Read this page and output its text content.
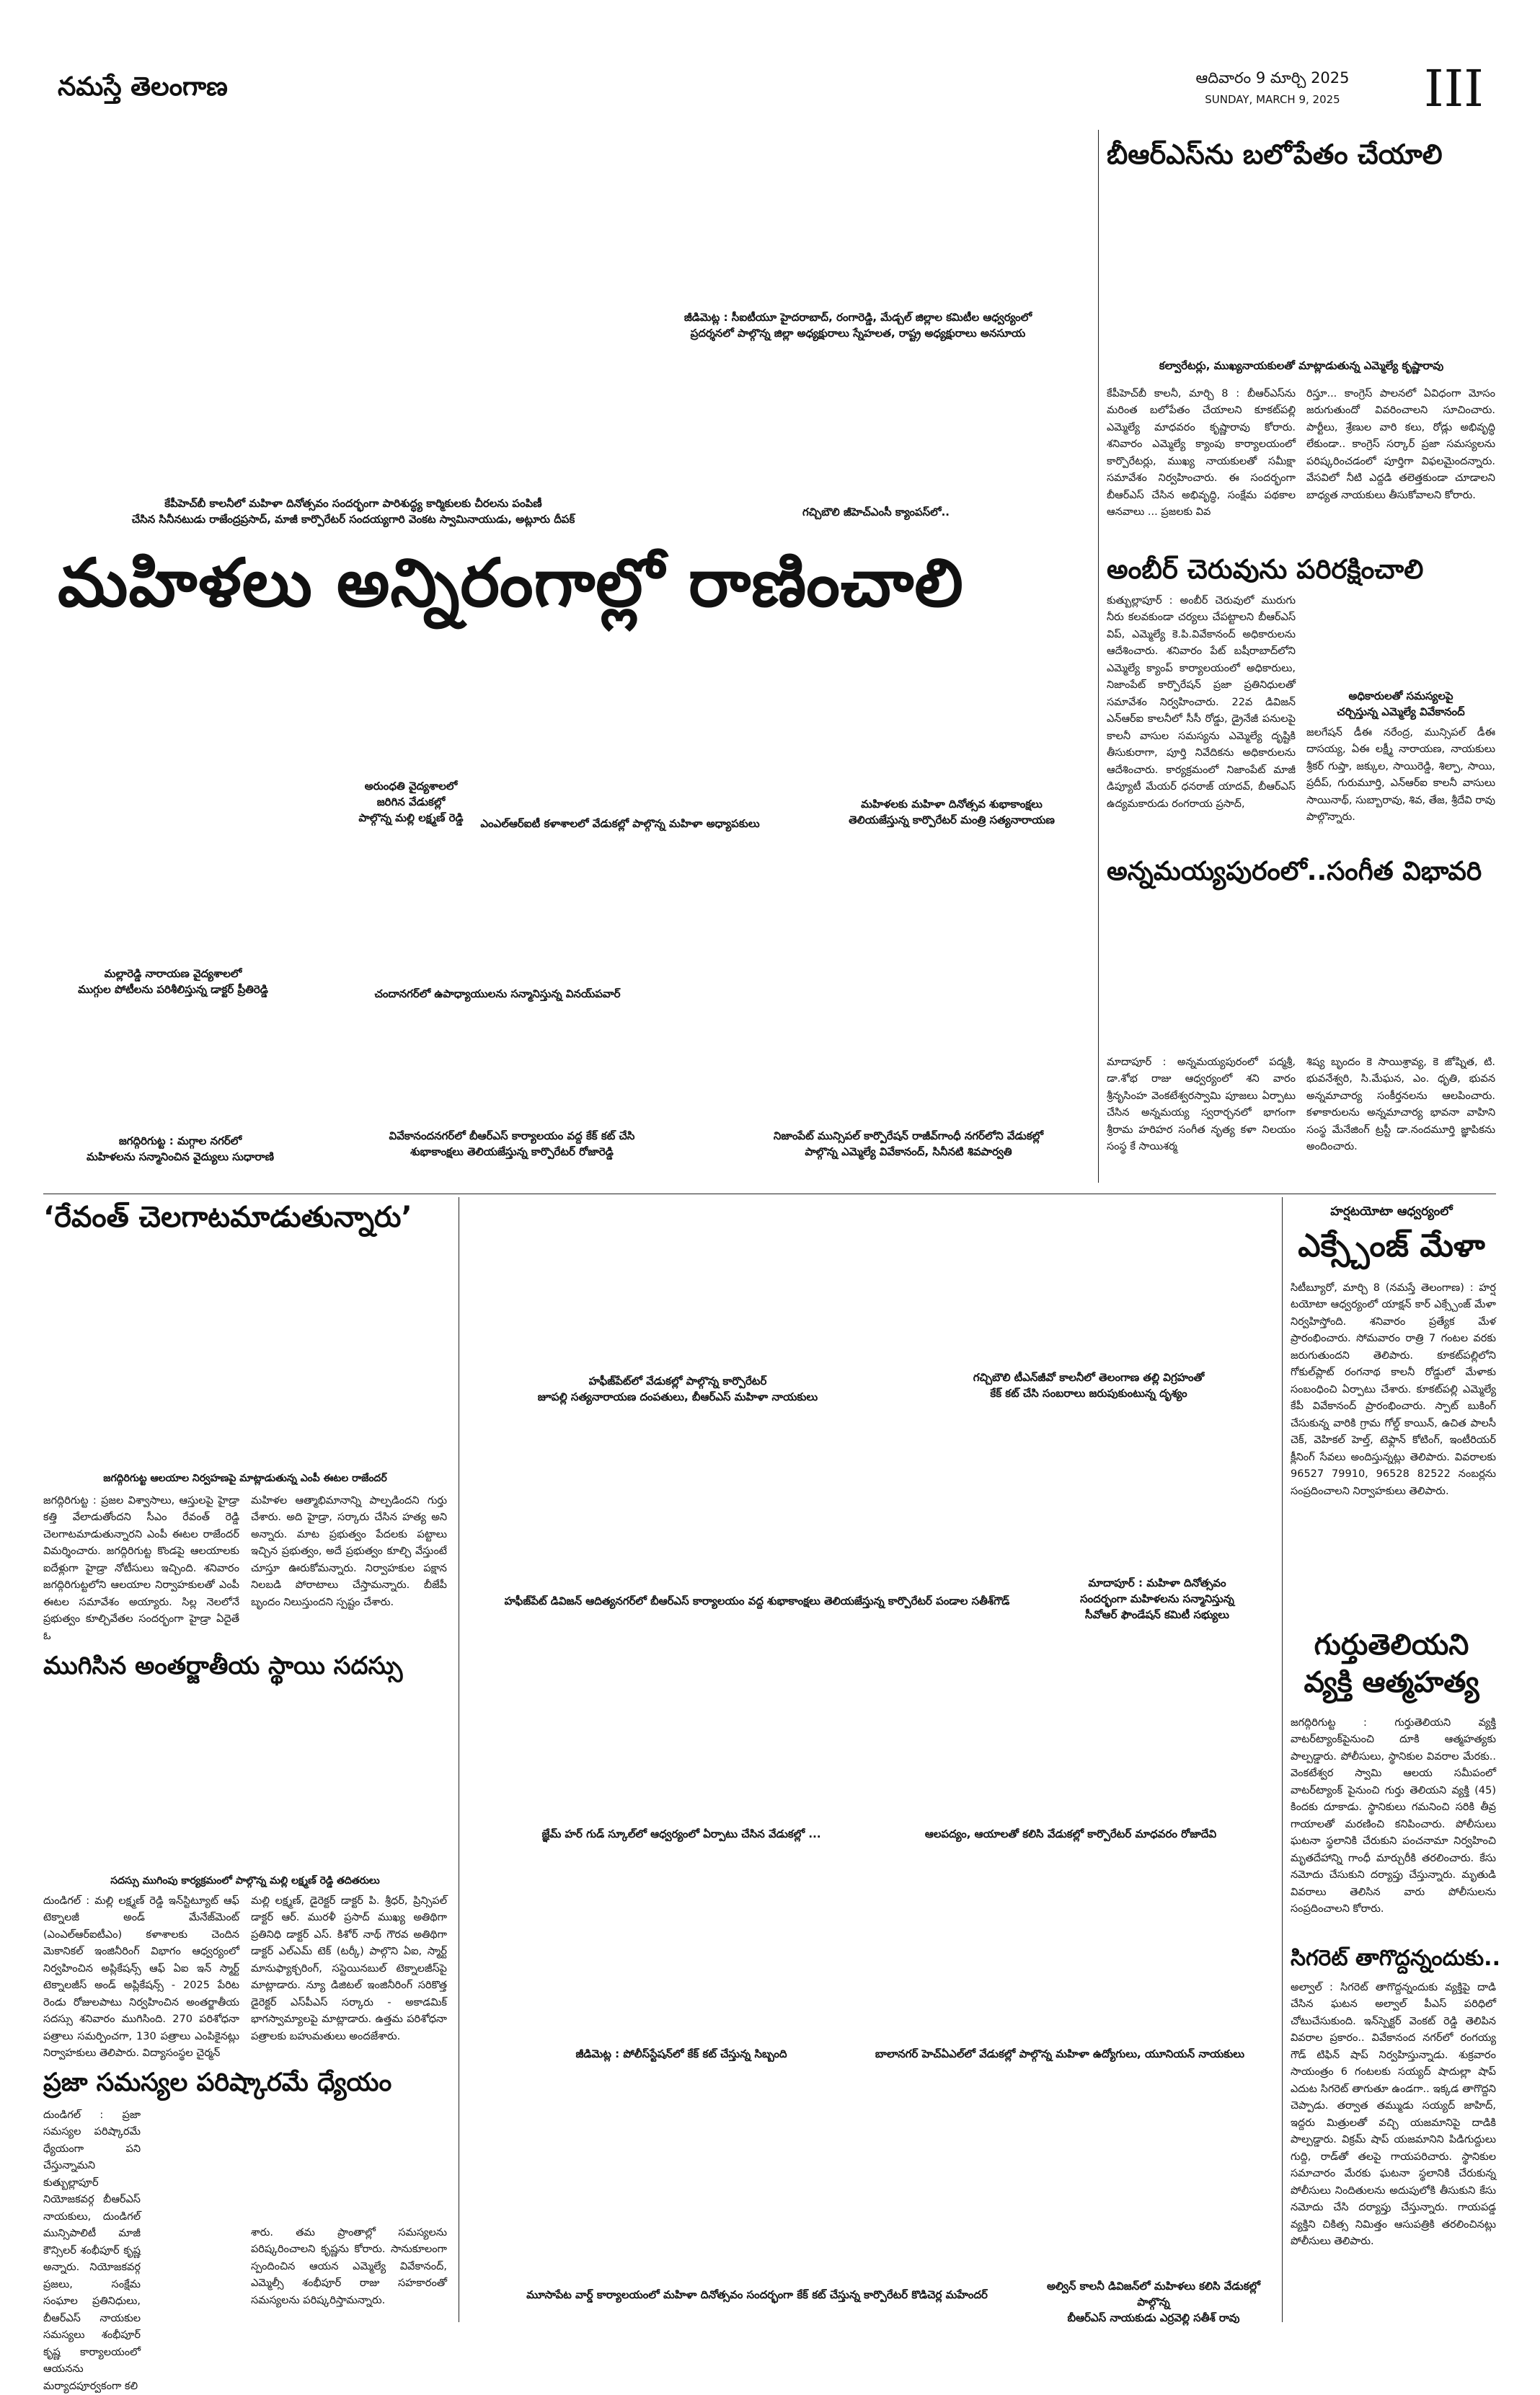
నమస్తే తెలంగాణ	ఆదివారం 9 మార్చి 2025
SUNDAY, MARCH 9, 2025	III
బీఆర్‌ఎస్‌ను బలోపేతం చేయాలి
కల్వారేటర్లు, ముఖ్యనాయకులతో మాట్లాడుతున్న ఎమ్మెల్యే కృష్ణారావు
కేపీహెచ్‌బీ కాలనీ, మార్చి 8 : బీఆర్‌ఎస్‌ను మరింత బలోపేతం చేయాలని కూకట్‌పల్లి ఎమ్మెల్యే మాధవరం కృష్ణారావు కోరారు. శనివారం ఎమ్మెల్యే క్యాంపు కార్యాలయంలో కార్పొరేటర్లు, ముఖ్య నాయకులతో సమీక్షా సమావేశం నిర్వహించారు. ఈ సందర్భంగా బీఆర్‌ఎస్‌ చేసిన అభివృద్ధి, సంక్షేమ పథకాల ఆనవాలు ... ప్రజలకు వివ
రిస్తూ... కాంగ్రెస్‌ పాలనలో ఏవిధంగా మోసం జరుగుతుందో వివరించాలని సూచించారు. పార్టీలు, శ్రేణుల వారి కలు, రోడ్లు అభివృద్ధి లేకుండా.. కాంగ్రెస్‌ సర్కార్‌ ప్రజా సమస్యలను పరిష్కరించడంలో పూర్తిగా విఫలమైందన్నారు. వేసవిలో నీటి ఎద్దడి తలెత్తకుండా చూడాలని బాధ్యత నాయకులు తీసుకోవాలని కోరారు.
అంబీర్‌ చెరువును పరిరక్షించాలి
కుత్బుల్లాపూర్‌ : అంబీర్‌ చెరువులో మురుగు నీరు కలవకుండా చర్యలు చేపట్టాలని బీఆర్‌ఎస్‌ విప్‌, ఎమ్మెల్యే కె.పి.వివేకానంద్‌ అధికారులను ఆదేశించారు. శనివారం పేట్‌ బషీరాబాద్‌లోని ఎమ్మెల్యే క్యాంప్‌ కార్యాలయంలో అధికారులు, నిజాంపేట్‌ కార్పొరేషన్‌ ప్రజా ప్రతినిధులతో సమావేశం నిర్వహించారు. 22వ డివిజన్‌ ఎన్‌ఆర్‌ఐ కాలనీలో సీసీ రోడ్డు, డ్రైనేజీ పనులపై కాలనీ వాసుల సమస్యను ఎమ్మెల్యే దృష్టికి తీసుకురాగా, పూర్తి నివేదికను అధికారులను ఆదేశించారు. కార్యక్రమంలో నిజాంపేట్‌ మాజీ డిప్యూటీ మేయర్‌ ధనరాజ్‌ యాదవ్‌, బీఆర్‌ఎస్‌ ఉద్యమకారుడు రంగరాయ ప్రసాద్‌,
అధికారులతో సమస్యలపై
చర్చిస్తున్న ఎమ్మెల్యే వివేకానంద్‌
జలగేషన్‌ డీఈ నరేంద్ర, మున్సిపల్‌ డీఈ దాసయ్య, ఏఈ లక్ష్మీ నారాయణ, నాయకులు శ్రీకర్‌ గుప్తా, జక్కుల, సాయిరెడ్డి, శిల్పా, సాయి, ప్రదీప్‌, గురుమూర్తి, ఎన్‌ఆర్‌ఐ కాలనీ వాసులు సాయినాథ్‌, సుబ్బారావు, శివ, తేజ, శ్రీదేవి రావు పాల్గొన్నారు.
అన్నమయ్యపురంలో..సంగీత విభావరి
మాదాపూర్‌ : అన్నమయ్యపురంలో పద్మశ్రీ, డా.శోభ రాజు ఆధ్వర్యంలో శని వారం శ్రీనృసింహ వెంకటేశ్వరస్వామి పూజలు ఏర్పాటు చేసిన అన్నమయ్య స్వరార్చనలో భాగంగా శ్రీరామ హరిహర సంగీత నృత్య కళా నిలయం సంస్థ కే సాయిశర్మ
శిష్య బృందం కె సాయిశ్రావ్య, కె జోష్నిత, టి. భువనేశ్వరి, సి.మేఘన, ఎం. ధృతి, భువన అన్నమాచార్య సంకీర్తనలను ఆలపించారు. కళాకారులను అన్నమాచార్య భావనా వాహిని సంస్థ మేనేజింగ్‌ ట్రస్టీ డా.నందమూర్తి జ్ఞాపికను అందించారు.
హర్షటయోటా ఆధ్వర్యంలో
ఎక్స్చేంజ్‌ మేళా
సిటీబ్యూరో, మార్చి 8 (నమస్తే తెలంగాణ) : హర్ష టయోటా ఆధ్వర్యంలో యాక్షన్‌ కార్‌ ఎక్స్చేంజ్‌ మేళా నిర్వహిస్తోంది. శనివారం ప్రత్యేక మేళ ప్రారంభించారు. సోమవారం రాత్రి 7 గంటల వరకు జరుగుతుందని తెలిపారు. కూకట్‌పల్లిలోని గోకుల్‌ప్లాట్‌ రంగనాథ కాలనీ రోడ్డులో మేళాకు సంబంధించి ఏర్పాటు చేశారు. కూకట్‌పల్లి ఎమ్మెల్యే కేపీ వివేకానంద్‌ ప్రారంభించారు. స్పాట్‌ బుకింగ్‌ చేసుకున్న వారికి గ్రామ గోల్డ్‌ కాయిన్‌, ఉచిత పాలసీ చెక్‌, వెహికల్‌ హెల్త్‌, టెఫ్లాన్‌ కోటింగ్‌, ఇంటీరియర్‌ క్లీనింగ్‌ సేవలు అందిస్తున్నట్లు తెలిపారు. వివరాలకు 96527 79910, 96528 82522 నంబర్లను సంప్రదించాలని నిర్వాహకులు తెలిపారు.
గుర్తుతెలియని
వ్యక్తి ఆత్మహత్య
జగద్గిరిగుట్ట : గుర్తుతెలియని వ్యక్తి వాటర్‌ట్యాంక్‌పైనుంచి దూకి ఆత్మహత్యకు పాల్పడ్డారు. పోలీసులు, స్థానికుల వివరాల మేరకు.. వెంకటేశ్వర స్వామి ఆలయ సమీపంలో వాటర్‌ట్యాంక్‌ పైనుంచి గుర్తు తెలియని వ్యక్తి (45) కిందకు దూకాడు. స్థానికులు గమనించి సరికి తీవ్ర గాయాలతో మరణించి కనిపించారు. పోలీసులు ఘటనా స్థలానికి చేరుకుని పంచనామా నిర్వహించి మృతదేహాన్ని గాంధీ మార్చురీకి తరలించారు. కేసు నమోదు చేసుకుని దర్యాప్తు చేస్తున్నారు. మృతుడి వివరాలు తెలిసిన వారు పోలీసులను సంప్రదించాలని కోరారు.
సిగరెట్‌ తాగొద్దన్నందుకు..
అల్వాల్‌ : సిగరెట్‌ తాగొద్దన్నందుకు వ్యక్తిపై దాడి చేసిన ఘటన అల్వాల్‌ పీఎస్‌ పరిధిలో చోటుచేసుకుంది. ఇన్‌స్పెక్టర్‌ వెంకట్‌ రెడ్డి తెలిపిన వివరాల ప్రకారం.. వివేకానంద నగర్‌లో రంగయ్య గౌడ్‌ టిఫిన్‌ షాప్‌ నిర్వహిస్తున్నాడు. శుక్రవారం సాయంత్రం 6 గంటలకు సయ్యద్‌ షాదుల్లా షాప్‌ ఎదుట సిగరెట్‌ తాగుతూ ఉండగా.. ఇక్కడ తాగొద్దని చెప్పాడు. తర్వాత తమ్ముడు సయ్యద్‌ జాహిద్‌, ఇద్దరు మిత్రులతో వచ్చి యజమానిపై దాడికి పాల్పడ్డారు. విక్రమ్‌ షాప్‌ యజమానిని పిడిగుద్దులు గుద్ది, రాడ్‌తో తలపై గాయపరిచారు. స్థానికుల సమాచారం మేరకు ఘటనా స్థలానికి చేరుకున్న పోలీసులు నిందితులను అదుపులోకి తీసుకుని కేసు నమోదు చేసి దర్యాప్తు చేస్తున్నారు. గాయపడ్డ వ్యక్తిని చికిత్స నిమిత్తం ఆసుపత్రికి తరలించినట్లు పోలీసులు తెలిపారు.
జీడిమెట్ల : సీఐటీయూ హైదరాబాద్‌, రంగారెడ్డి, మేడ్చల్‌ జిల్లాల కమిటీల ఆధ్వర్యంలో
ప్రదర్శనలో పాల్గొన్న జిల్లా అధ్యక్షురాలు స్నేహలత, రాష్ట్ర అధ్యక్షురాలు అనసూయ
కేపీహెచ్‌బీ కాలనీలో మహిళా దినోత్సవం సందర్భంగా పారిశుద్ధ్య కార్మికులకు చీరలను పంపిణీ
చేసిన సినీనటుడు రాజేంద్రప్రసాద్‌, మాజీ కార్పొరేటర్‌ సందయ్యగారి వెంకట స్వామినాయుడు, అట్లూరు దీపక్‌
గచ్చిబౌలి జీహెచ్‌ఎంసీ క్యాంపస్‌లో..
మహిళలు అన్నిరంగాల్లో రాణించాలి
అరుంధతి వైద్యశాలలో
జరిగిన వేడుకల్లో
పాల్గొన్న మల్లి లక్ష్మణ్‌ రెడ్డి	ఎంఎల్‌ఆర్‌ఐటీ కళాశాలలో వేడుకల్లో పాల్గొన్న మహిళా అధ్యాపకులు
మహిళలకు మహిళా దినోత్సవ శుభాకాంక్షలు
తెలియజేస్తున్న కార్పొరేటర్‌ మంత్రి సత్యనారాయణ
మల్లారెడ్డి నారాయణ వైద్యశాలలో
ముగ్గుల పోటీలను పరిశీలిస్తున్న డాక్టర్‌ ప్రీతిరెడ్డి	చందానగర్‌లో ఉపాధ్యాయులను సన్మానిస్తున్న వినయ్‌పవార్‌
జగద్గిరిగుట్ట : మగ్గాల నగర్‌లో
మహిళలను సన్మానించిన వైద్యులు సుధారాణి
వివేకానందనగర్‌లో బీఆర్‌ఎస్‌ కార్యాలయం వద్ద కేక్‌ కట్‌ చేసి
శుభాకాంక్షలు తెలియజేస్తున్న కార్పొరేటర్‌ రోజారెడ్డి
నిజాంపేట్‌ మున్సిపల్‌ కార్పొరేషన్‌ రాజీవ్‌గాంధీ నగర్‌లోని వేడుకల్లో
పాల్గొన్న ఎమ్మెల్యే వివేకానంద్‌, సినీనటి శివపార్వతి
‘రేవంత్‌ చెలగాటమాడుతున్నారు’
జగద్గిరిగుట్ట ఆలయాల నిర్వహణపై మాట్లాడుతున్న ఎంపీ ఈటల రాజేందర్‌
జగద్గిరిగుట్ట : ప్రజల విశ్వాసాలు, ఆస్తులపై హైడ్రా కత్తి వేలాడుతోందని సీఎం రేవంత్‌ రెడ్డి చెలగాటమాడుతున్నారని ఎంపీ ఈటల రాజేందర్‌ విమర్శించారు. జగద్గిరిగుట్ట కొండపై ఆలయాలకు ఐదేళ్లుగా హైడ్రా నోటీసులు ఇచ్చింది. శనివారం జగద్గిరిగుట్టలోని ఆలయాల నిర్వాహకులతో ఎంపీ ఈటల సమావేశం అయ్యారు. సిల్ల నెలలోనే ప్రభుత్వం కూల్చివేతల సందర్భంగా హైడ్రా ఏదైతే ఓ
మహిళల ఆత్మాభిమానాన్ని పాల్పడిందని గుర్తు చేశారు. అది హైడ్రా, సర్కారు చేసిన హత్య అని అన్నారు. మాట ప్రభుత్వం పేదలకు పట్టాలు ఇచ్చిన ప్రభుత్వం, అదే ప్రభుత్వం కూల్చి వేస్తుంటే చూస్తూ ఊరుకోమన్నారు. నిర్వాహకుల పక్షాన నిలబడి పోరాటాలు చేస్తామన్నారు. బీజేపీ బృందం నిలుస్తుందని స్పష్టం చేశారు.
ముగిసిన అంతర్జాతీయ స్థాయి సదస్సు
సదస్సు ముగింపు కార్యక్రమంలో పాల్గొన్న మల్లి లక్ష్మణ్‌ రెడ్డి తదితరులు
దుండిగల్‌ : మల్లి లక్ష్మణ్‌ రెడ్డి ఇన్‌స్టిట్యూట్‌ ఆఫ్‌ టెక్నాలజీ అండ్‌ మేనేజ్‌మెంట్‌ (ఎంఎల్‌ఆర్‌ఐటీఎం) కళాశాలకు చెందిన మెకానికల్‌ ఇంజినీరింగ్‌ విభాగం ఆధ్వర్యంలో నిర్వహించిన అప్లికేషన్స్‌ ఆఫ్‌ ఏఐ ఇన్‌ స్మార్ట్‌ టెక్నాలజీస్‌ అండ్‌ అప్లికేషన్స్‌ - 2025 పేరిట రెండు రోజులపాటు నిర్వహించిన అంతర్జాతీయ సదస్సు శనివారం ముగిసింది. 270 పరిశోధనా పత్రాలు సమర్పించగా, 130 పత్రాలు ఎంపికైనట్లు నిర్వాహకులు తెలిపారు. విద్యాసంస్థల చైర్మన్‌
మల్లి లక్ష్మణ్‌, డైరెక్టర్‌ డాక్టర్‌ పి. శ్రీధర్‌, ప్రిన్సిపల్‌ డాక్టర్‌ ఆర్‌. మురళీ ప్రసాద్‌ ముఖ్య అతిథిగా ప్రతినిధి డాక్టర్‌ ఎస్‌. కిశోర్‌ నాథ్‌ గౌరవ అతిథిగా డాక్టర్‌ ఎల్‌ఎమ్‌ టెక్‌ (టర్కీ) పాల్గొని ఏఐ, స్మార్ట్‌ మానుఫ్యాక్చరింగ్‌, సస్టెయినబుల్‌ టెక్నాలజీస్‌పై మాట్లాడారు. న్యూ డిజిటల్‌ ఇంజినీరింగ్‌ సరికొత్త డైరెక్టర్‌ ఎస్‌పీఎస్‌ సర్కారు - అకాడమిక్‌ భాగస్వామ్యాలపై మాట్లాడారు. ఉత్తమ పరిశోధనా పత్రాలకు బహుమతులు అందజేశారు.
ప్రజా సమస్యల పరిష్కారమే ధ్యేయం
దుండిగల్‌ : ప్రజా సమస్యల పరిష్కారమే ధ్యేయంగా పని చేస్తున్నామని కుత్బుల్లాపూర్‌ నియోజకవర్గ బీఆర్‌ఎస్‌ నాయకులు, దుండిగల్‌ మున్సిపాలిటీ మాజీ కౌన్సిలర్‌ శంభీపూర్‌ కృష్ణ అన్నారు. నియోజకవర్గ ప్రజలు, సంక్షేమ సంఘాల ప్రతినిధులు, బీఆర్‌ఎస్‌ నాయకుల సమస్యలు శంభీపూర్‌ కృష్ణ కార్యాలయంలో ఆయనను మర్యాదపూర్వకంగా కలి
శారు. తమ ప్రాంతాల్లో సమస్యలను పరిష్కరించాలని కృష్ణను కోరారు. సానుకూలంగా స్పందించిన ఆయన ఎమ్మెల్యే వివేకానంద్‌, ఎమ్మెల్సీ శంభీపూర్‌ రాజు సహకారంతో సమస్యలను పరిష్కరిస్తామన్నారు.
హఫీజ్‌పేట్‌లో వేడుకల్లో పాల్గొన్న కార్పొరేటర్‌
జూపల్లి సత్యనారాయణ దంపతులు, బీఆర్‌ఎస్‌ మహిళా నాయకులు
గచ్చిబౌలి టీఎన్‌జీవో కాలనీలో తెలంగాణ తల్లి విగ్రహంతో
కేక్‌ కట్‌ చేసి సంబరాలు జరుపుకుంటున్న దృశ్యం
హఫీజ్‌పేట్‌ డివిజన్‌ ఆదిత్యనగర్‌లో బీఆర్‌ఎస్‌ కార్యాలయం వద్ద శుభాకాంక్షలు తెలియజేస్తున్న కార్పొరేటర్‌ పండాల సతీశ్‌గౌడ్‌
మాదాపూర్‌ : మహిళా దినోత్సవం
సందర్భంగా మహిళలను సన్మానిస్తున్న
సీవోఆర్‌ ఫౌండేషన్‌ కమిటీ సభ్యులు
జ్ఞేమ్‌ హర్‌ గుడ్‌ స్కూల్‌లో ఆధ్వర్యంలో ఏర్పాటు చేసిన వేడుకల్లో ...	ఆలపద్యం, ఆయాలతో కలిసి వేడుకల్లో కార్పొరేటర్‌ మాధవరం రోజాదేవి
జీడిమెట్ల : పోలీస్‌స్టేషన్‌లో కేక్‌ కట్‌ చేస్తున్న సిబ్బంది	బాలానగర్‌ హెచ్‌ఏఎల్‌లో వేడుకల్లో పాల్గొన్న మహిళా ఉద్యోగులు, యూనియన్‌ నాయకులు
మూసాపేట వార్డ్‌ కార్యాలయంలో మహిళా దినోత్సవం సందర్భంగా కేక్‌ కట్‌ చేస్తున్న కార్పొరేటర్‌ కొడిచెర్ల మహేందర్‌
అల్విన్‌ కాలనీ డివిజన్‌లో మహిళలు కలిసి వేడుకల్లో పాల్గొన్న
బీఆర్‌ఎస్‌ నాయకుడు ఎర్రవెల్లి సతీశ్‌ రావు
